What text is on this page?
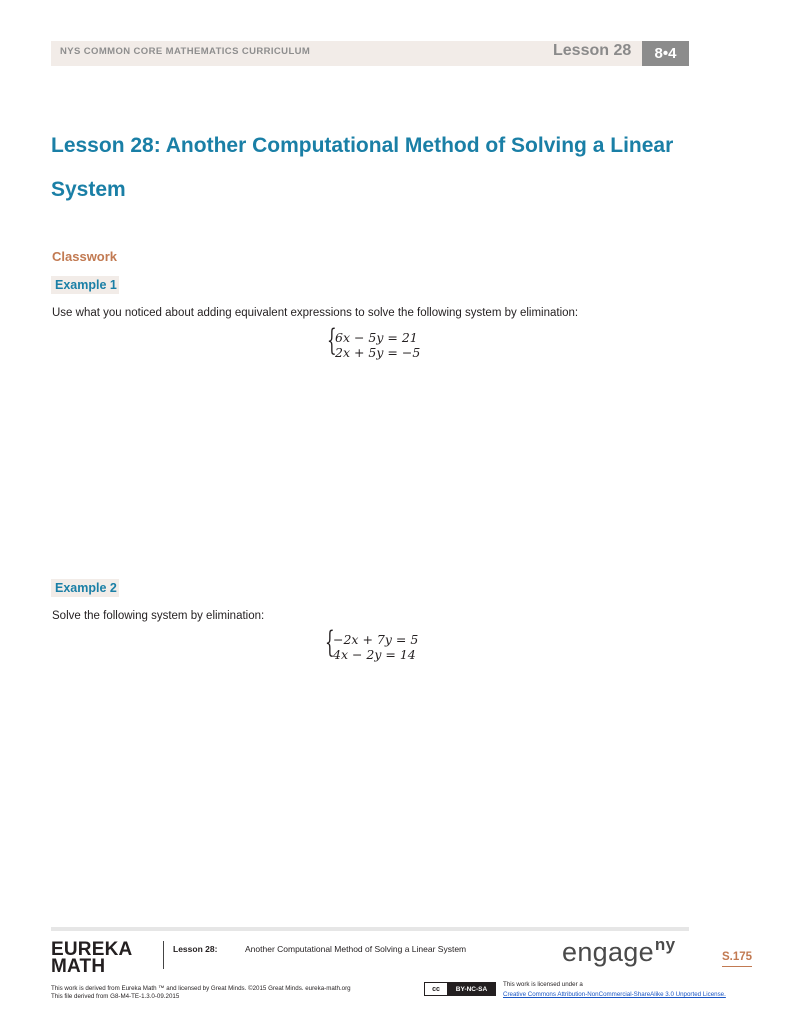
NYS COMMON CORE MATHEMATICS CURRICULUM	Lesson 28	8•4
Lesson 28: Another Computational Method of Solving a Linear
System
Classwork
Example 1
Use what you noticed about adding equivalent expressions to solve the following system by elimination:
{
6x − 5y = 21
2x + 5y = −5
Example 2
Solve the following system by elimination:
{
−2x + 7y = 5
4x − 2y = 14
EUREKA
MATH
Lesson 28:	Another Computational Method of Solving a Linear System	engage$^{ny}$
S.175
This work is derived from Eureka Math ™ and licensed by Great Minds. ©2015 Great Minds. eureka-math.org
This file derived from G8-M4-TE-1.3.0-09.2015
cc	BY-NC-SA
This work is licensed under a
Creative Commons Attribution-NonCommercial-ShareAlike 3.0 Unported License.
